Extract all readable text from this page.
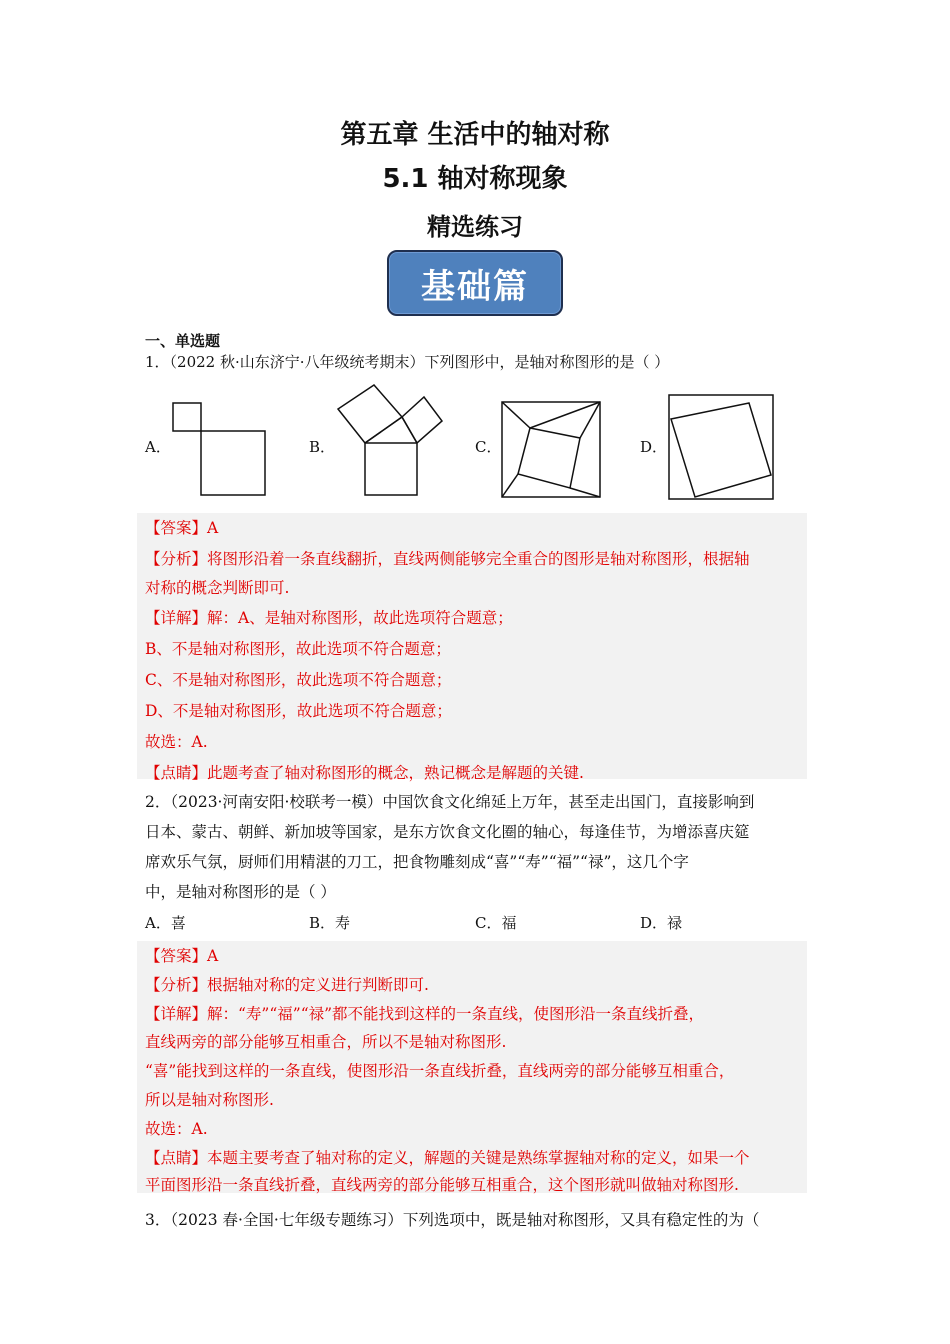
第五章 生活中的轴对称
5.1 轴对称现象
精选练习
基础篇
一、单选题
1．（2022 秋·山东济宁·八年级统考期末）下列图形中，是轴对称图形的是（ ）
A．	B．	C．	D．
【答案】A
【分析】将图形沿着一条直线翻折，直线两侧能够完全重合的图形是轴对称图形，根据轴
对称的概念判断即可.
【详解】解：A、是轴对称图形，故此选项符合题意；
B、不是轴对称图形，故此选项不符合题意；
C、不是轴对称图形，故此选项不符合题意；
D、不是轴对称图形，故此选项不符合题意；
故选：A.
【点睛】此题考查了轴对称图形的概念，熟记概念是解题的关键.
2．（2023·河南安阳·校联考一模）中国饮食文化绵延上万年，甚至走出国门，直接影响到
日本、蒙古、朝鲜、新加坡等国家，是东方饮食文化圈的轴心，每逢佳节，为增添喜庆筵
席欢乐气氛，厨师们用精湛的刀工，把食物雕刻成“喜”“寿”“福”“禄”，这几个字
中，是轴对称图形的是（ ）
A．喜	B．寿	C．福	D．禄
【答案】A
【分析】根据轴对称的定义进行判断即可.
【详解】解：“寿”“福”“禄”都不能找到这样的一条直线，使图形沿一条直线折叠，
直线两旁的部分能够互相重合，所以不是轴对称图形.
“喜”能找到这样的一条直线，使图形沿一条直线折叠，直线两旁的部分能够互相重合，
所以是轴对称图形.
故选：A.
【点睛】本题主要考查了轴对称的定义，解题的关键是熟练掌握轴对称的定义，如果一个
平面图形沿一条直线折叠，直线两旁的部分能够互相重合，这个图形就叫做轴对称图形.
3．（2023 春·全国·七年级专题练习）下列选项中，既是轴对称图形，又具有稳定性的为（
